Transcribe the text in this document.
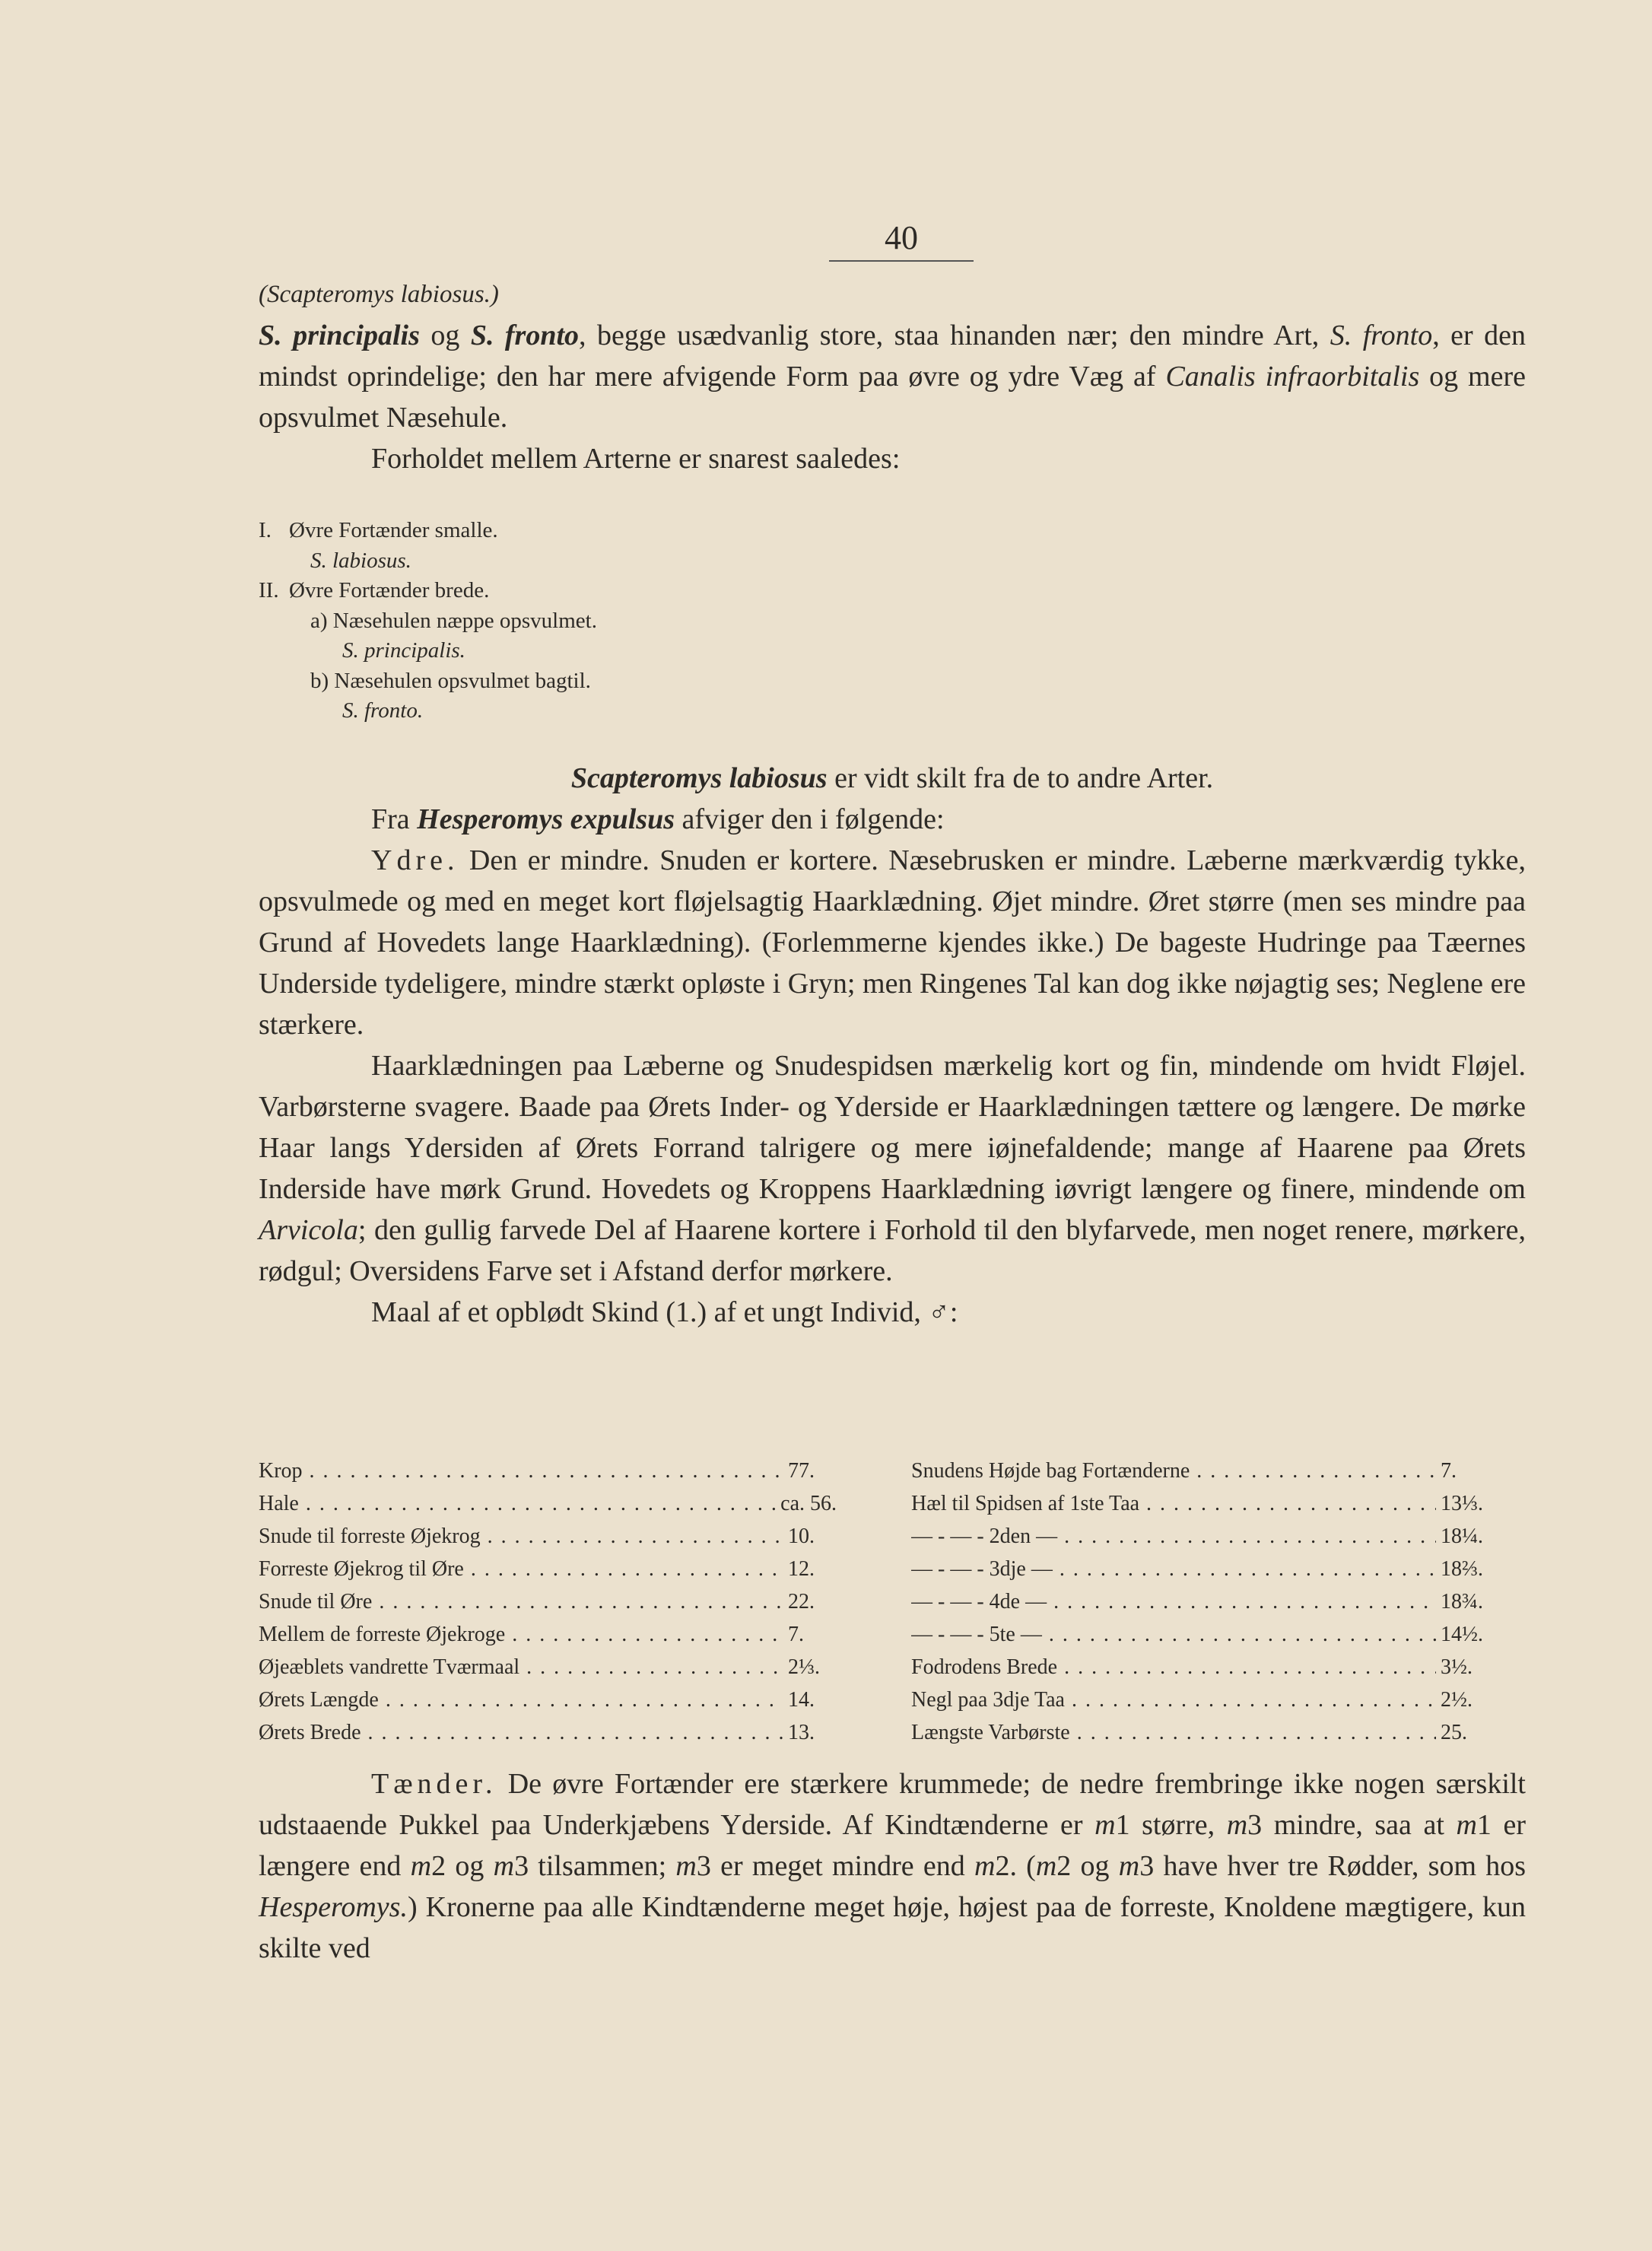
40

(Scapteromys labiosus.)

S. principalis og S. fronto, begge usædvanlig store, staa hinanden nær; den mindre Art, S. fronto, er den mindst oprindelige; den har mere afvigende Form paa øvre og ydre Væg af Canalis infraorbitalis og mere opsvulmet Næsehule.

Forholdet mellem Arterne er snarest saaledes:

I. Øvre Fortænder smalle.
S. labiosus.
II. Øvre Fortænder brede.
a) Næsehulen næppe opsvulmet.
S. principalis.
b) Næsehulen opsvulmet bagtil.
S. fronto.

Scapteromys labiosus er vidt skilt fra de to andre Arter.

Fra Hesperomys expulsus afviger den i følgende:

Ydre. Den er mindre. Snuden er kortere. Næsebrusken er mindre. Læberne mærkværdig tykke, opsvulmede og med en meget kort fløjelsagtig Haarklædning. Øjet mindre. Øret større (men ses mindre paa Grund af Hovedets lange Haarklædning). (Forlemmerne kjendes ikke.) De bageste Hudringe paa Tæernes Underside tydeligere, mindre stærkt opløste i Gryn; men Ringenes Tal kan dog ikke nøjagtig ses; Neglene ere stærkere.

Haarklædningen paa Læberne og Snudespidsen mærkelig kort og fin, mindende om hvidt Fløjel. Varbørsterne svagere. Baade paa Ørets Inder- og Yderside er Haarklædningen tættere og længere. De mørke Haar langs Ydersiden af Ørets Forrand talrigere og mere iøjnefaldende; mange af Haarene paa Ørets Inderside have mørk Grund. Hovedets og Kroppens Haarklædning iøvrigt længere og finere, mindende om Arvicola; den gullig farvede Del af Haarene kortere i Forhold til den blyfarvede, men noget renere, mørkere, rødgul; Oversidens Farve set i Afstand derfor mørkere.

Maal af et opblødt Skind (1.) af et ungt Individ, ♂:

Krop . . .	77.
Hale . . .	ca. 56.
Snude til forreste Øjekrog . . .	10.
Forreste Øjekrog til Øre . . .	12.
Snude til Øre . . .	22.
Mellem de forreste Øjekroge . . .	7.
Øjeæblets vandrette Tværmaal . . .	2⅓.
Ørets Længde . . .	14.
Ørets Brede . . .	13.
Snudens Højde bag Fortænderne . . .	7.
Hæl til Spidsen af 1ste Taa . . .	13⅓.
— - — - 2den — . . .	18¼.
— - — - 3dje — . . .	18⅔.
— - — - 4de — . . .	18¾.
— - — - 5te — . . .	14½.
Fodrodens Brede . . .	3½.
Negl paa 3dje Taa . . .	2½.
Længste Varbørste . . .	25.

Tænder. De øvre Fortænder ere stærkere krummede; de nedre frembringe ikke nogen særskilt udstaaende Pukkel paa Underkjæbens Yderside. Af Kindtænderne er m1 større, m3 mindre, saa at m1 er længere end m2 og m3 tilsammen; m3 er meget mindre end m2. (m2 og m3 have hver tre Rødder, som hos Hesperomys.) Kronerne paa alle Kindtænderne meget høje, højest paa de forreste, Knoldene mægtigere, kun skilte ved
